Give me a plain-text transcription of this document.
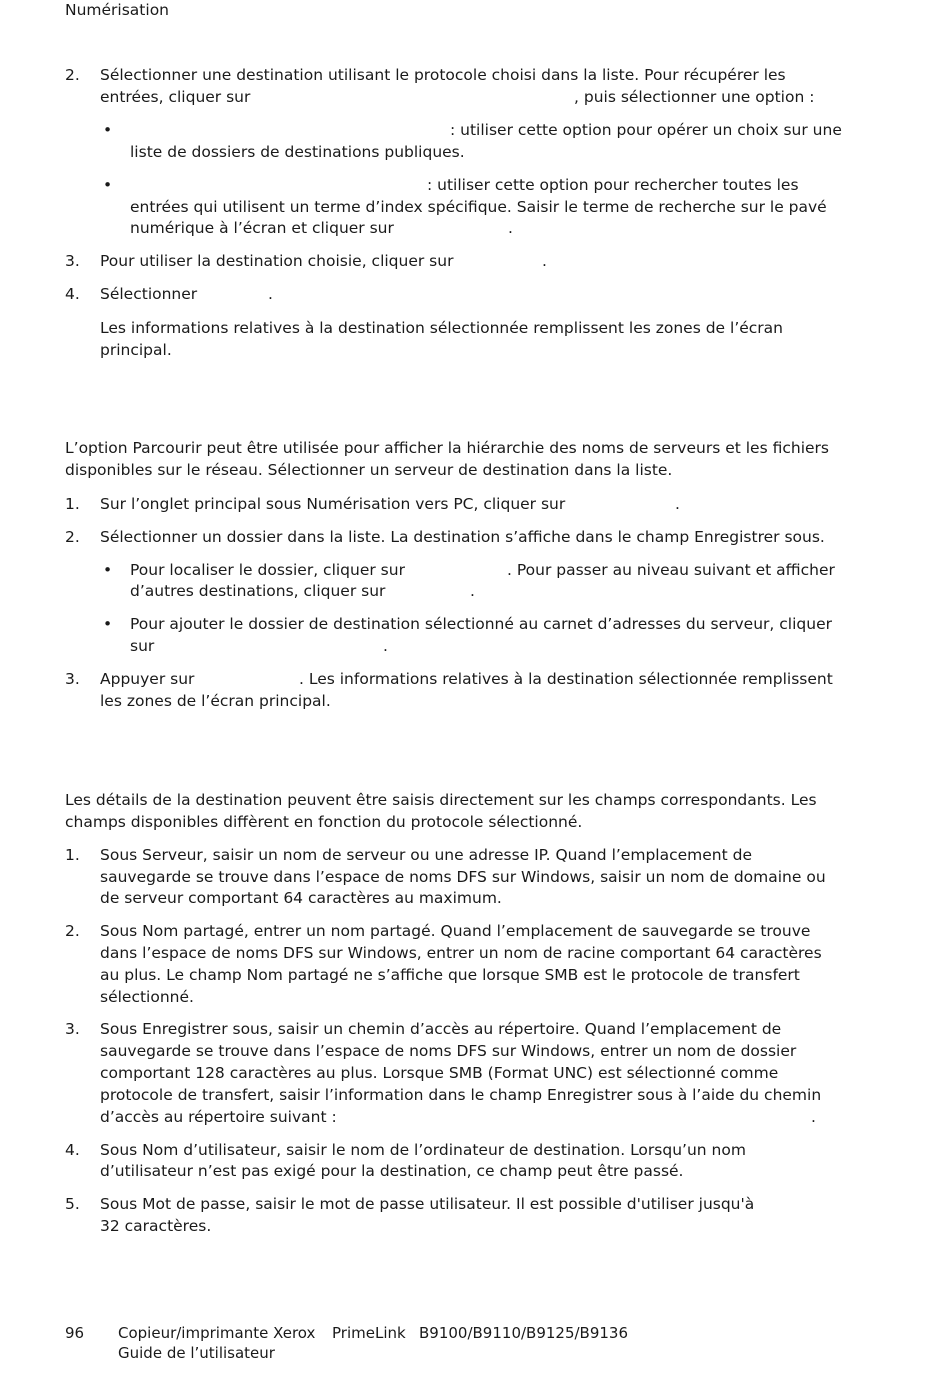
Numérisation
2. Sélectionner une destination utilisant le protocole choisi dans la liste. Pour récupérer les
entrées, cliquer sur	, puis sélectionner une option :
•	: utiliser cette option pour opérer un choix sur une
liste de dossiers de destinations publiques.
•	: utiliser cette option pour rechercher toutes les
entrées qui utilisent un terme d’index spécifique. Saisir le terme de recherche sur le pavé
numérique à l’écran et cliquer sur	.
3. Pour utiliser la destination choisie, cliquer sur	.
4. Sélectionner	.
Les informations relatives à la destination sélectionnée remplissent les zones de l’écran
principal.
L’option Parcourir peut être utilisée pour afficher la hiérarchie des noms de serveurs et les fichiers
disponibles sur le réseau. Sélectionner un serveur de destination dans la liste.
1. Sur l’onglet principal sous Numérisation vers PC, cliquer sur	.
2. Sélectionner un dossier dans la liste. La destination s’affiche dans le champ Enregistrer sous.
• Pour localiser le dossier, cliquer sur	. Pour passer au niveau suivant et afficher
d’autres destinations, cliquer sur	.
• Pour ajouter le dossier de destination sélectionné au carnet d’adresses du serveur, cliquer
sur	.
3. Appuyer sur	. Les informations relatives à la destination sélectionnée remplissent
les zones de l’écran principal.
Les détails de la destination peuvent être saisis directement sur les champs correspondants. Les
champs disponibles diffèrent en fonction du protocole sélectionné.
1. Sous Serveur, saisir un nom de serveur ou une adresse IP. Quand l’emplacement de
sauvegarde se trouve dans l’espace de noms DFS sur Windows, saisir un nom de domaine ou
de serveur comportant 64 caractères au maximum.
2. Sous Nom partagé, entrer un nom partagé. Quand l’emplacement de sauvegarde se trouve
dans l’espace de noms DFS sur Windows, entrer un nom de racine comportant 64 caractères
au plus. Le champ Nom partagé ne s’affiche que lorsque SMB est le protocole de transfert
sélectionné.
3. Sous Enregistrer sous, saisir un chemin d’accès au répertoire. Quand l’emplacement de
sauvegarde se trouve dans l’espace de noms DFS sur Windows, entrer un nom de dossier
comportant 128 caractères au plus. Lorsque SMB (Format UNC) est sélectionné comme
protocole de transfert, saisir l’information dans le champ Enregistrer sous à l’aide du chemin
d’accès au répertoire suivant :	.
4. Sous Nom d’utilisateur, saisir le nom de l’ordinateur de destination. Lorsqu’un nom
d’utilisateur n’est pas exigé pour la destination, ce champ peut être passé.
5. Sous Mot de passe, saisir le mot de passe utilisateur. Il est possible d'utiliser jusqu'à
32 caractères.
96 Copieur/imprimante Xerox PrimeLink B9100/B9110/B9125/B9136
Guide de l’utilisateur
